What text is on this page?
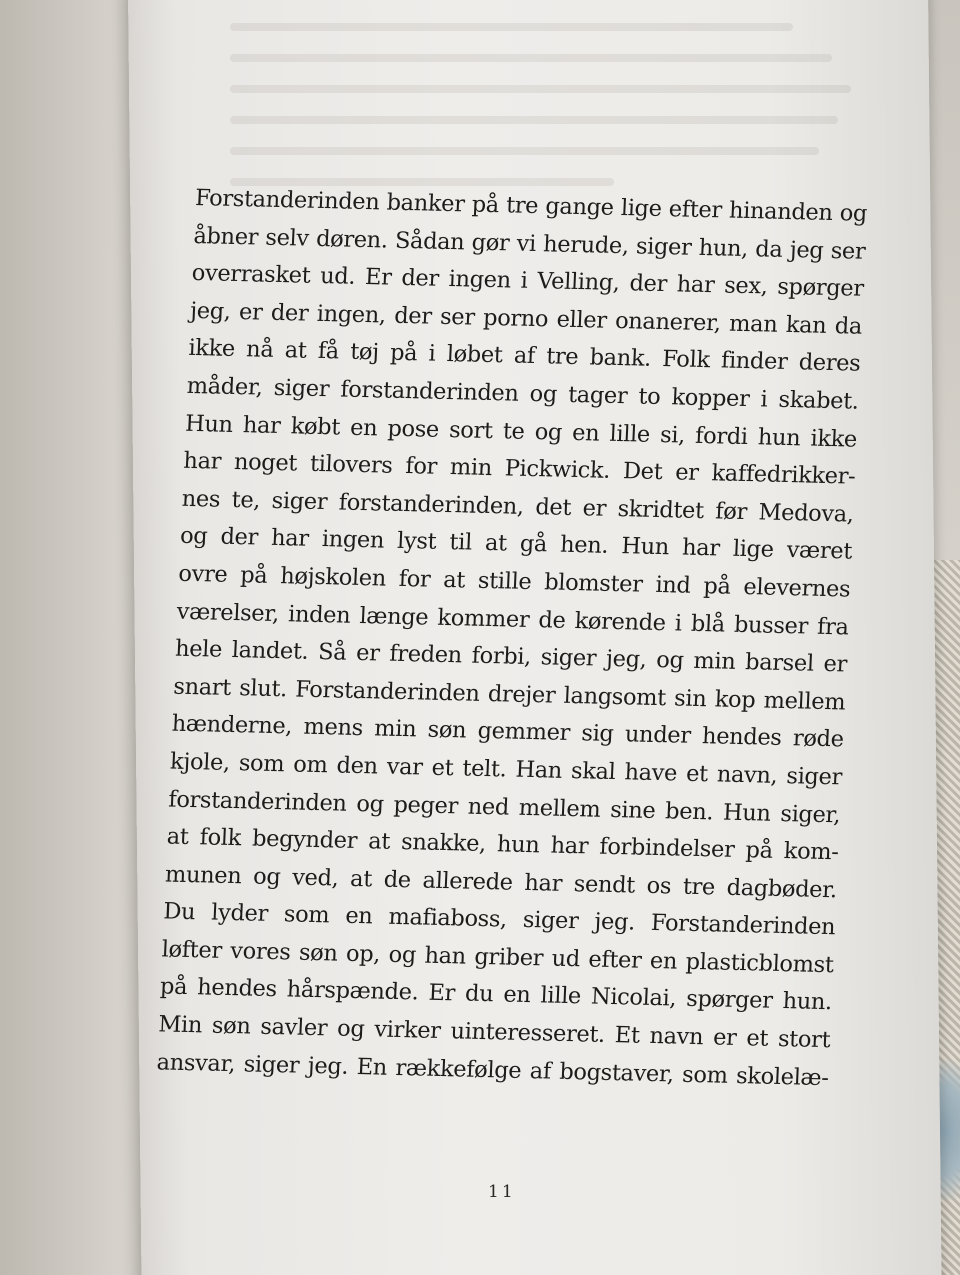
Forstanderinden banker på tre gange lige efter hinanden og
åbner selv døren. Sådan gør vi herude, siger hun, da jeg ser
overrasket ud. Er der ingen i Velling, der har sex, spørger
jeg, er der ingen, der ser porno eller onanerer, man kan da
ikke nå at få tøj på i løbet af tre bank. Folk finder deres
måder, siger forstanderinden og tager to kopper i skabet.
Hun har købt en pose sort te og en lille si, fordi hun ikke
har noget tilovers for min Pickwick. Det er kaffedrikker-
nes te, siger forstanderinden, det er skridtet før Medova,
og der har ingen lyst til at gå hen. Hun har lige været
ovre på højskolen for at stille blomster ind på elevernes
værelser, inden længe kommer de kørende i blå busser fra
hele landet. Så er freden forbi, siger jeg, og min barsel er
snart slut. Forstanderinden drejer langsomt sin kop mellem
hænderne, mens min søn gemmer sig under hendes røde
kjole, som om den var et telt. Han skal have et navn, siger
forstanderinden og peger ned mellem sine ben. Hun siger,
at folk begynder at snakke, hun har forbindelser på kom-
munen og ved, at de allerede har sendt os tre dagbøder.
Du lyder som en mafiaboss, siger jeg. Forstanderinden
løfter vores søn op, og han griber ud efter en plasticblomst
på hendes hårspænde. Er du en lille Nicolai, spørger hun.
Min søn savler og virker uinteresseret. Et navn er et stort
ansvar, siger jeg. En rækkefølge af bogstaver, som skolelæ-
11
